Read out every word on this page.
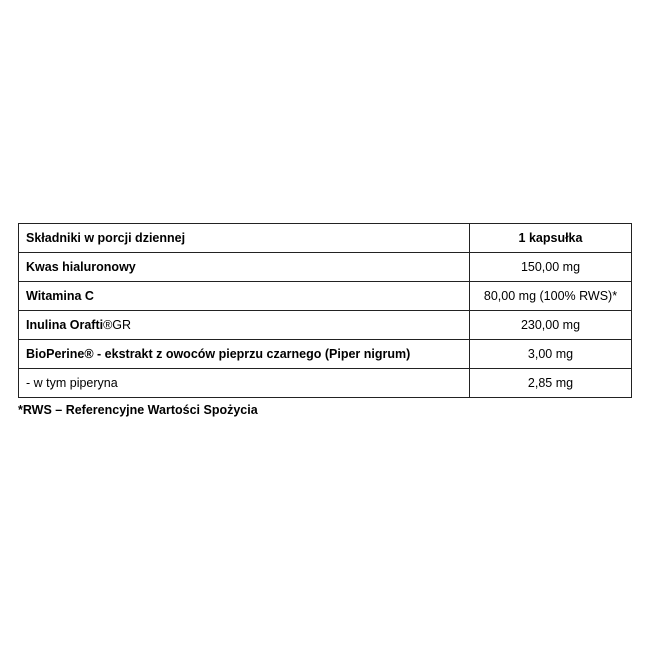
Składniki w porcji dziennej	1 kapsułka
Kwas hialuronowy	150,00 mg
Witamina C	80,00 mg (100% RWS)*
Inulina Orafti®GR	230,00 mg
BioPerine® - ekstrakt z owoców pieprzu czarnego (Piper nigrum)	3,00 mg
- w tym piperyna	2,85 mg
*RWS – Referencyjne Wartości Spożycia
